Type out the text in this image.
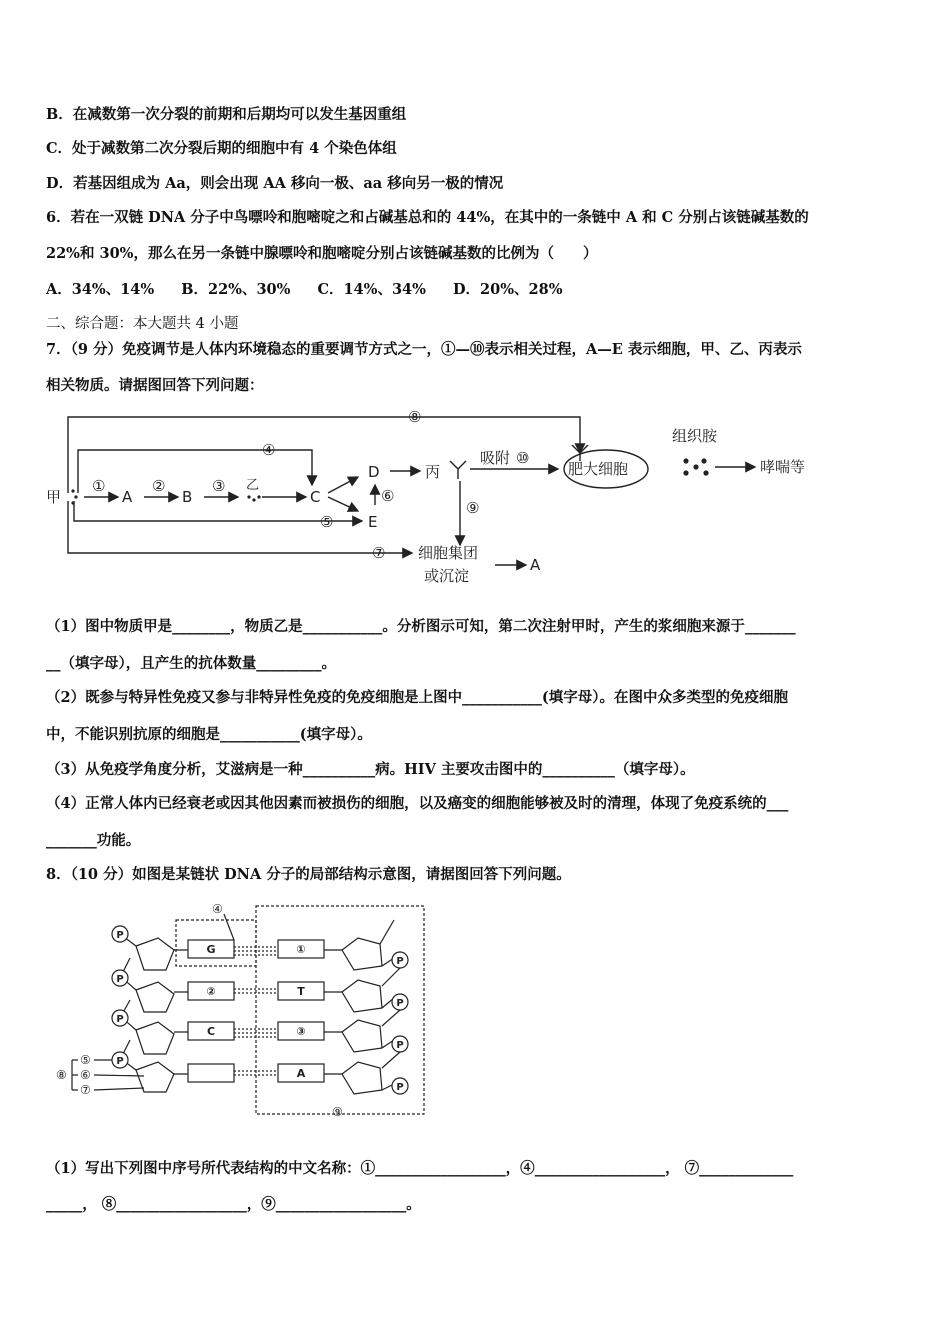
B．在减数第一次分裂的前期和后期均可以发生基因重组
C．处于减数第二次分裂后期的细胞中有 4 个染色体组
D．若基因组成为 Aa，则会出现 AA 移向一极、aa 移向另一极的情况
6．若在一双链 DNA 分子中鸟嘌呤和胞嘧啶之和占碱基总和的 44%，在其中的一条链中 A 和 C 分别占该链碱基数的
22%和 30%，那么在另一条链中腺嘌呤和胞嘧啶分别占该链碱基数的比例为（　　）
A．34%、14% B．22%、30% C．14%、34% D．20%、28%
二、综合题：本大题共 4 小题
7．（9 分）免疫调节是人体内环境稳态的重要调节方式之一，①—⑩表示相关过程，A—E 表示细胞，甲、乙、丙表示
相关物质。请据图回答下列问题：
甲	A	B	C
D
E
乙
丙
①	②	③
④
⑤
⑥
⑦
⑧
⑨
⑩
吸附
肥大细胞
组织胺
哮喘等
细胞集团
或沉淀
A
（1）图中物质甲是________，物质乙是___________。分析图示可知，第二次注射甲时，产生的浆细胞来源于_______
__（填字母），且产生的抗体数量_________。
（2）既参与特异性免疫又参与非特异性免疫的免疫细胞是上图中___________(填字母）。在图中众多类型的免疫细胞
中，不能识别抗原的细胞是___________(填字母）。
（3）从免疫学角度分析，艾滋病是一种__________病。HIV 主要攻击图中的__________（填字母）。
（4）正常人体内已经衰老或因其他因素而被损伤的细胞，以及癌变的细胞能够被及时的清理，体现了免疫系统的___
_______功能。
8．（10 分）如图是某链状 DNA 分子的局部结构示意图，请据图回答下列问题。
P
P
P
P
P
P
P
P
G
②
C
①
T
③
A
④
⑤
⑥
⑦
⑧
⑨
（1）写出下列图中序号所代表结构的中文名称：①__________________，④__________________， ⑦_____________
_____， ⑧__________________，⑨__________________。
